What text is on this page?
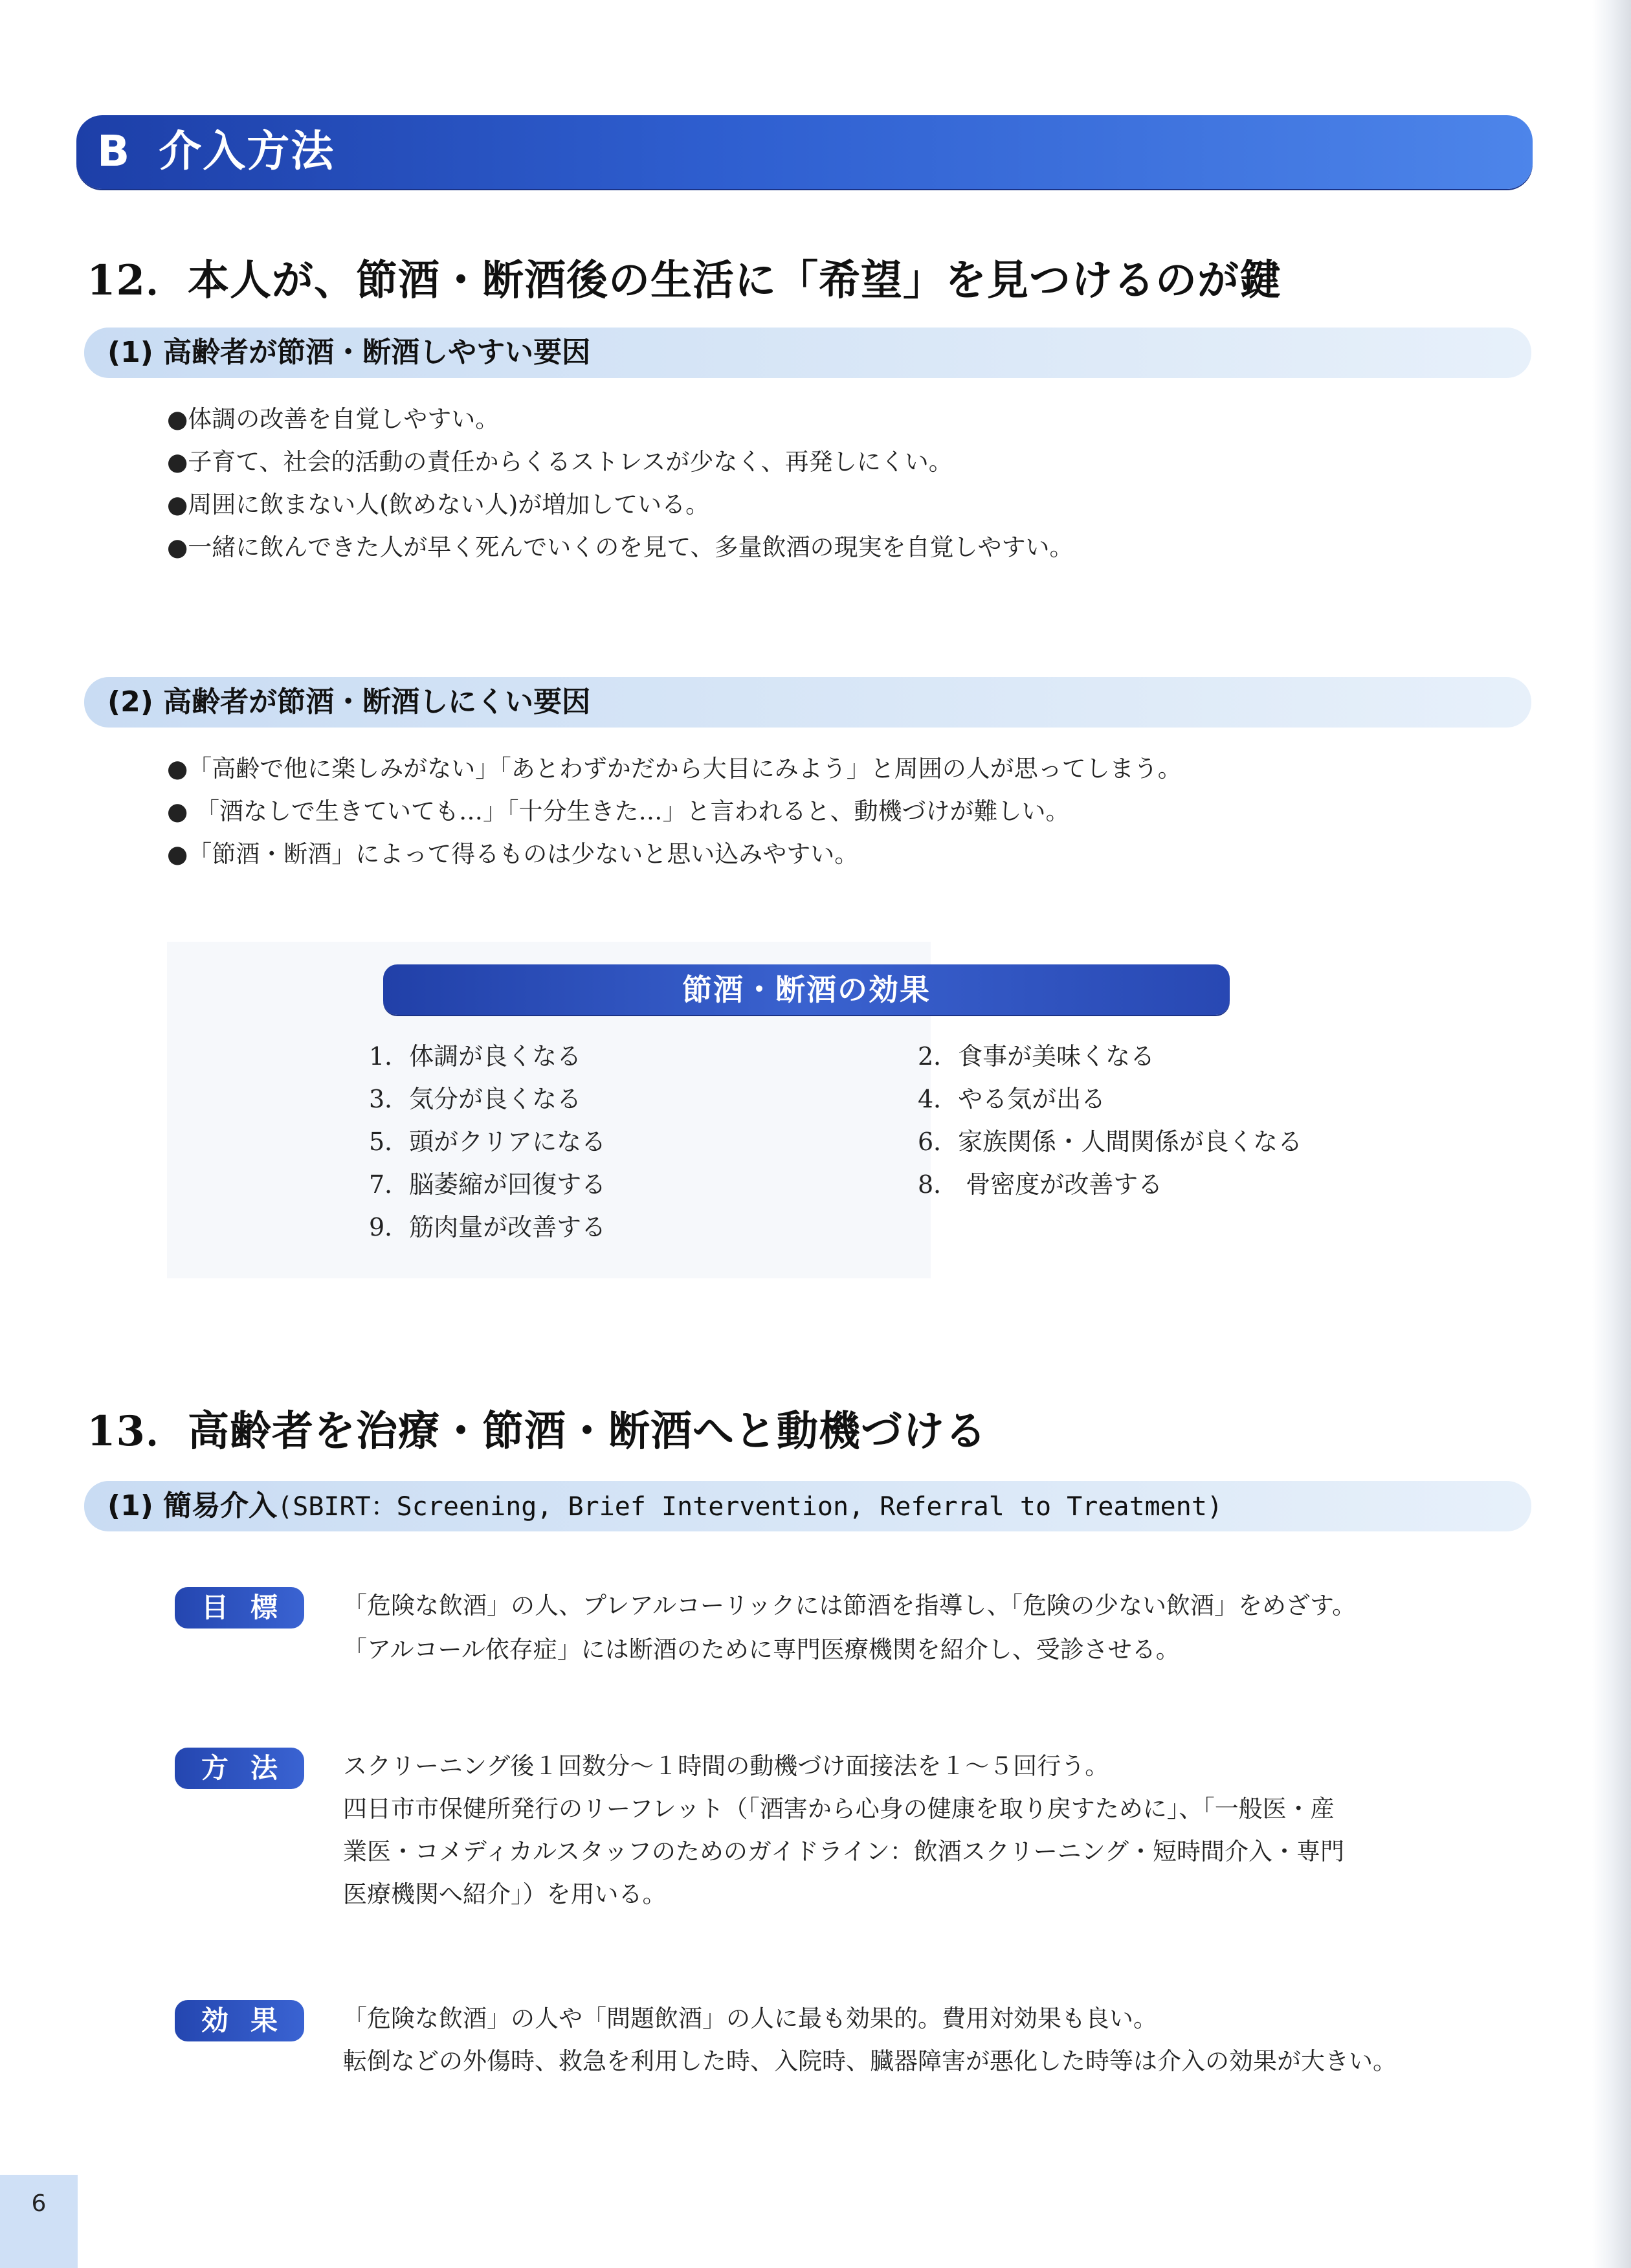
B 介入方法
12．本人が、節酒・断酒後の生活に「希望」を見つけるのが鍵
(1) 高齢者が節酒・断酒しやすい要因
●体調の改善を自覚しやすい。
●子育て、社会的活動の責任からくるストレスが少なく、再発しにくい。
●周囲に飲まない人(飲めない人)が増加している。
●一緒に飲んできた人が早く死んでいくのを見て、多量飲酒の現実を自覚しやすい。
(2) 高齢者が節酒・断酒しにくい要因
●「高齢で他に楽しみがない」「あとわずかだから大目にみよう」と周囲の人が思ってしまう。
● 「酒なしで生きていても…」「十分生きた…」と言われると、動機づけが難しい。
●「節酒・断酒」によって得るものは少ないと思い込みやすい。
節酒・断酒の効果
1．体調が良くなる
3．気分が良くなる
5．頭がクリアになる
7．脳萎縮が回復する
9．筋肉量が改善する
2．食事が美味くなる
4．やる気が出る
6．家族関係・人間関係が良くなる
8． 骨密度が改善する
13．高齢者を治療・節酒・断酒へと動機づける
(1) 簡易介入(SBIRT：Screening, Brief Intervention, Referral to Treatment)
目標 「危険な飲酒」の人、プレアルコーリックには節酒を指導し、「危険の少ない飲酒」をめざす。
「アルコール依存症」には断酒のために専門医療機関を紹介し、受診させる。
方法 スクリーニング後１回数分～１時間の動機づけ面接法を１～５回行う。
四日市市保健所発行のリーフレット（「酒害から心身の健康を取り戻すために」、「一般医・産
業医・コメディカルスタッフのためのガイドライン：飲酒スクリーニング・短時間介入・専門
医療機関へ紹介」）を用いる。
効果 「危険な飲酒」の人や「問題飲酒」の人に最も効果的。費用対効果も良い。
転倒などの外傷時、救急を利用した時、入院時、臓器障害が悪化した時等は介入の効果が大きい。
6
